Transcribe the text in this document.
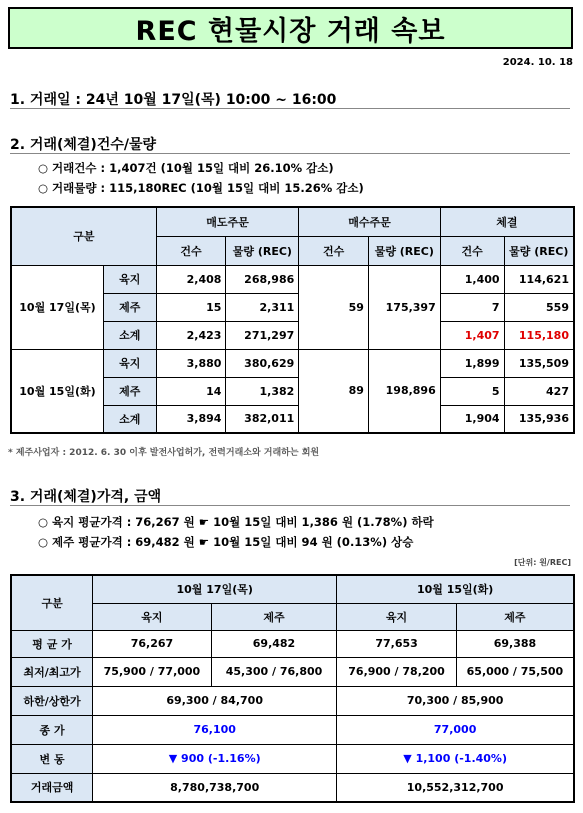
REC 현물시장 거래 속보
2024. 10. 18
1. 거래일 : 24년 10월 17일(목) 10:00 ~ 16:00
2. 거래(체결)건수/물량
○ 거래건수 : 1,407건 (10월 15일 대비 26.10% 감소)
○ 거래물량 : 115,180REC (10월 15일 대비 15.26% 감소)
구분		매도주문		매수주문		체결	
		건수	물량 (REC)	건수	물량 (REC)	건수	물량 (REC)
10월 17일(목)	육지	2,408	268,986	59	175,397	1,400	114,621
	제주	15	2,311			7	559
	소계	2,423	271,297			1,407	115,180
10월 15일(화)	육지	3,880	380,629	89	198,896	1,899	135,509
	제주	14	1,382			5	427
	소계	3,894	382,011			1,904	135,936
* 제주사업자 : 2012. 6. 30 이후 발전사업허가, 전력거래소와 거래하는 회원
3. 거래(체결)가격, 금액
○ 육지 평균가격 : 76,267 원 ☛ 10월 15일 대비 1,386 원 (1.78%) 하락
○ 제주 평균가격 : 69,482 원 ☛ 10월 15일 대비 94 원 (0.13%) 상승
[단위: 원/REC]
구분	10월 17일(목)		10월 15일(화)	
	육지	제주	육지	제주
평 균 가	76,267	69,482	77,653	69,388
최저/최고가	75,900 / 77,000	45,300 / 76,800	76,900 / 78,200	65,000 / 75,500
하한/상한가	69,300 / 84,700		70,300 / 85,900	
종 가	76,100		77,000	
변 동	▼ 900 (-1.16%)		▼ 1,100 (-1.40%)	
거래금액	8,780,738,700		10,552,312,700	
